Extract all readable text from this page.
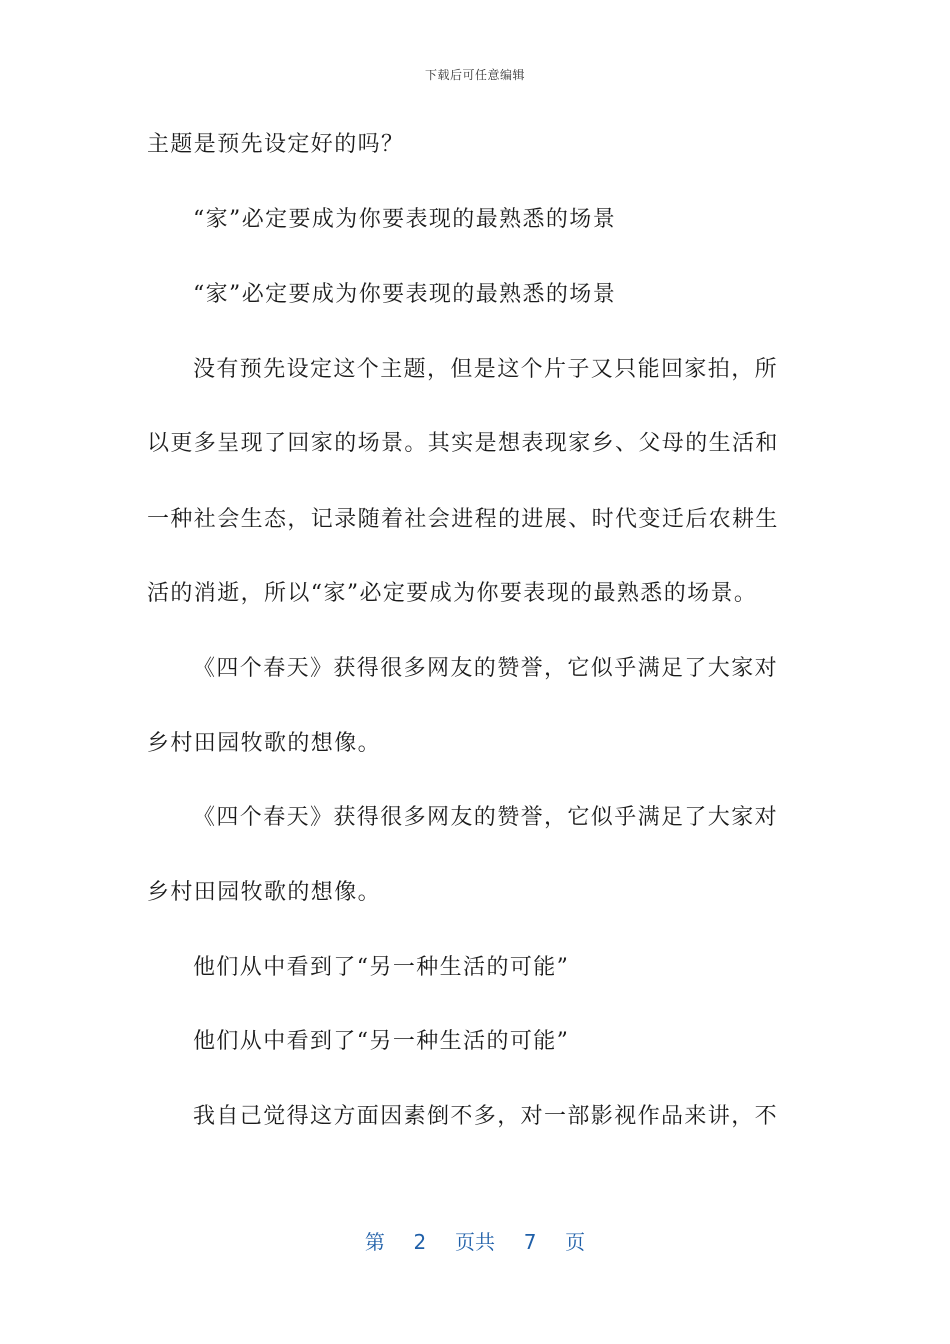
下载后可任意编辑
主题是预先设定好的吗？
“家”必定要成为你要表现的最熟悉的场景
“家”必定要成为你要表现的最熟悉的场景
没有预先设定这个主题，但是这个片子又只能回家拍，所
以更多呈现了回家的场景。其实是想表现家乡、父母的生活和
一种社会生态，记录随着社会进程的进展、时代变迁后农耕生
活的消逝，所以“家”必定要成为你要表现的最熟悉的场景。
《四个春天》获得很多网友的赞誉，它似乎满足了大家对
乡村田园牧歌的想像。
《四个春天》获得很多网友的赞誉，它似乎满足了大家对
乡村田园牧歌的想像。
他们从中看到了“另一种生活的可能”
他们从中看到了“另一种生活的可能”
我自己觉得这方面因素倒不多，对一部影视作品来讲，不
第 2 页共 7 页
